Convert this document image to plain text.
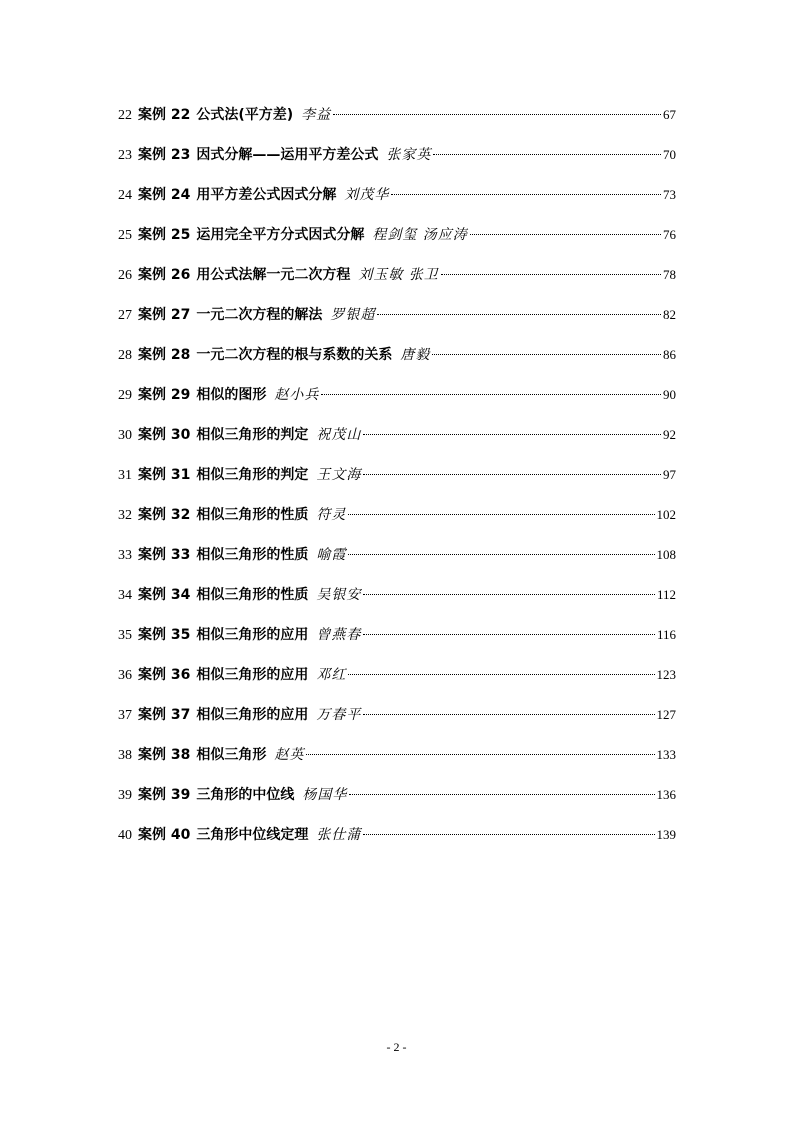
22 案例 22 公式法(平方差) 李益	67
23 案例 23 因式分解——运用平方差公式 张家英	70
24 案例 24 用平方差公式因式分解 刘茂华	73
25 案例 25 运用完全平方分式因式分解 程剑玺 汤应涛	76
26 案例 26 用公式法解一元二次方程 刘玉敏 张卫	78
27 案例 27 一元二次方程的解法 罗银超	82
28 案例 28 一元二次方程的根与系数的关系 唐毅	86
29 案例 29 相似的图形 赵小兵	90
30 案例 30 相似三角形的判定 祝茂山	92
31 案例 31 相似三角形的判定 王文海	97
32 案例 32 相似三角形的性质 符灵	102
33 案例 33 相似三角形的性质 喻霞	108
34 案例 34 相似三角形的性质 吴银安	112
35 案例 35 相似三角形的应用 曾燕春	116
36 案例 36 相似三角形的应用 邓红	123
37 案例 37 相似三角形的应用 万春平	127
38 案例 38 相似三角形 赵英	133
39 案例 39 三角形的中位线 杨国华	136
40 案例 40 三角形中位线定理 张仕蒲	139
- 2 -
